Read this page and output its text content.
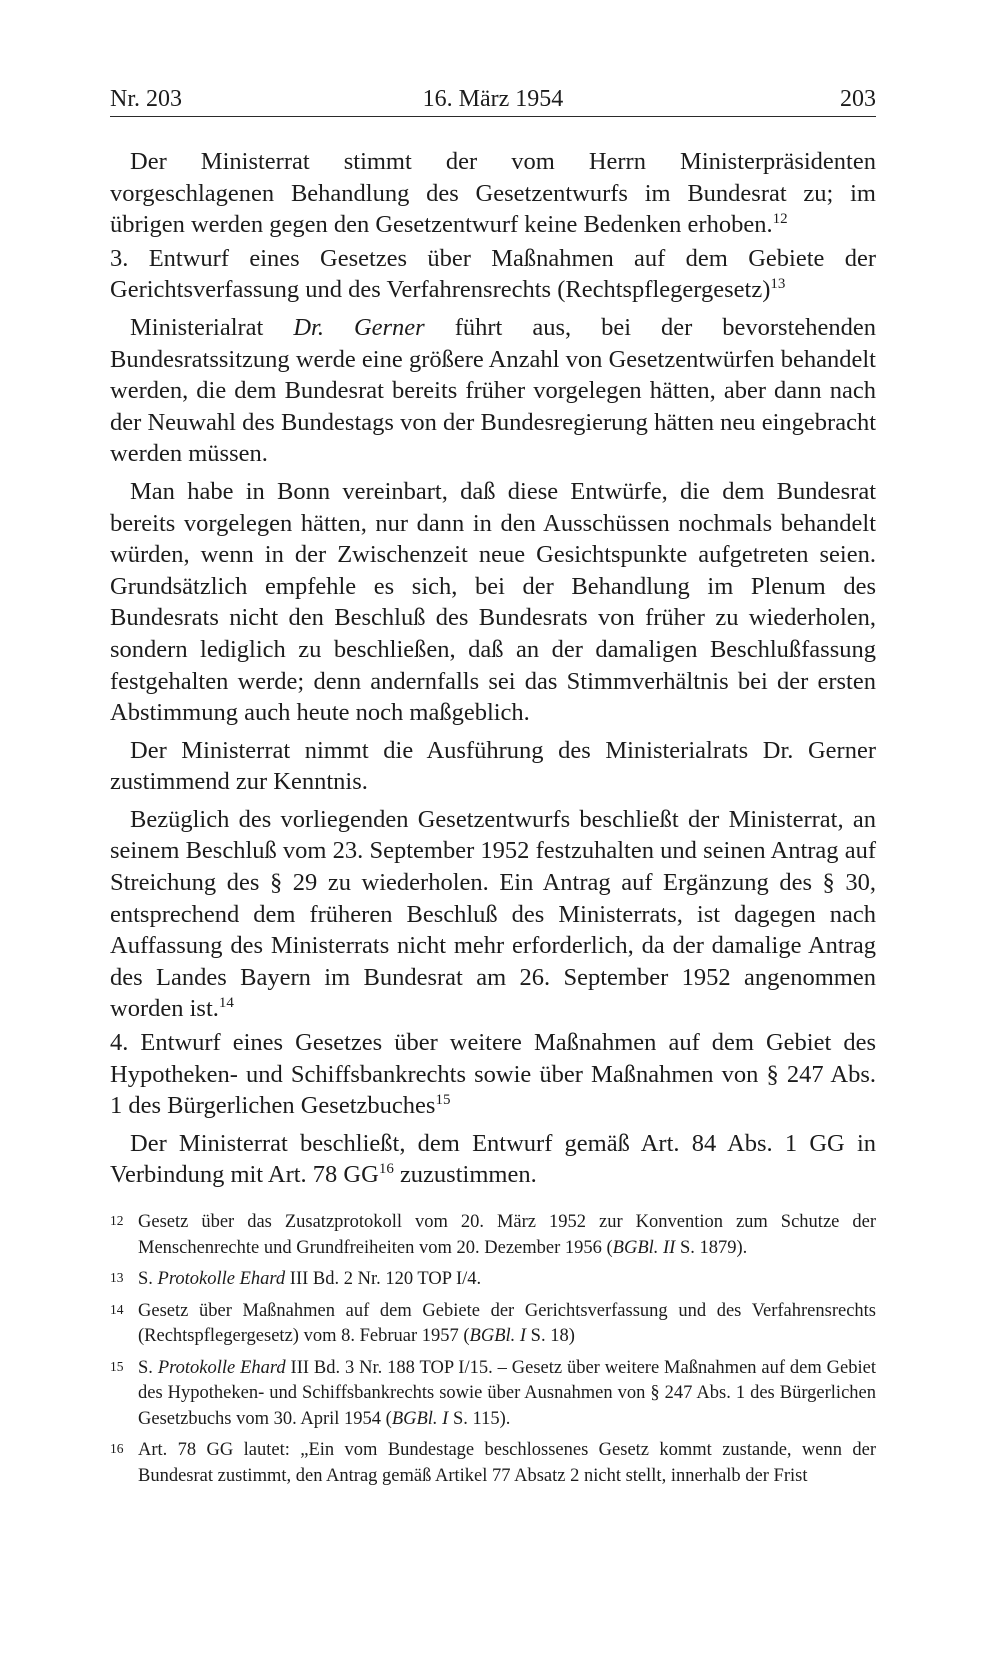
Nr. 203	16. März 1954	203

Der Ministerrat stimmt der vom Herrn Ministerpräsidenten vorgeschlagenen Behandlung des Gesetzentwurfs im Bundesrat zu; im übrigen werden gegen den Gesetzentwurf keine Bedenken erhoben.$^{12}$

3. Entwurf eines Gesetzes über Maßnahmen auf dem Gebiete der Gerichtsverfassung und des Verfahrensrechts (Rechtspflegergesetz)$^{13}$

Ministerialrat Dr. Gerner führt aus, bei der bevorstehenden Bundesratssitzung werde eine größere Anzahl von Gesetzentwürfen behandelt werden, die dem Bundesrat bereits früher vorgelegen hätten, aber dann nach der Neuwahl des Bundestags von der Bundesregierung hätten neu eingebracht werden müssen.

Man habe in Bonn vereinbart, daß diese Entwürfe, die dem Bundesrat bereits vorgelegen hätten, nur dann in den Ausschüssen nochmals behandelt würden, wenn in der Zwischenzeit neue Gesichtspunkte aufgetreten seien. Grundsätzlich empfehle es sich, bei der Behandlung im Plenum des Bundesrats nicht den Beschluß des Bundesrats von früher zu wiederholen, sondern lediglich zu beschließen, daß an der damaligen Beschlußfassung festgehalten werde; denn andernfalls sei das Stimmverhältnis bei der ersten Abstimmung auch heute noch maßgeblich.

Der Ministerrat nimmt die Ausführung des Ministerialrats Dr. Gerner zustimmend zur Kenntnis.

Bezüglich des vorliegenden Gesetzentwurfs beschließt der Ministerrat, an seinem Beschluß vom 23. September 1952 festzuhalten und seinen Antrag auf Streichung des § 29 zu wiederholen. Ein Antrag auf Ergänzung des § 30, entsprechend dem früheren Beschluß des Ministerrats, ist dagegen nach Auffassung des Ministerrats nicht mehr erforderlich, da der damalige Antrag des Landes Bayern im Bundesrat am 26. September 1952 angenommen worden ist.$^{14}$

4. Entwurf eines Gesetzes über weitere Maßnahmen auf dem Gebiet des Hypotheken- und Schiffsbankrechts sowie über Maßnahmen von § 247 Abs. 1 des Bürgerlichen Gesetzbuches$^{15}$

Der Ministerrat beschließt, dem Entwurf gemäß Art. 84 Abs. 1 GG in Verbindung mit Art. 78 GG$^{16}$ zuzustimmen.

12 Gesetz über das Zusatzprotokoll vom 20. März 1952 zur Konvention zum Schutze der Menschenrechte und Grundfreiheiten vom 20. Dezember 1956 (BGBl. II S. 1879).

13 S. Protokolle Ehard III Bd. 2 Nr. 120 TOP I/4.

14 Gesetz über Maßnahmen auf dem Gebiete der Gerichtsverfassung und des Verfahrensrechts (Rechtspflegergesetz) vom 8. Februar 1957 (BGBl. I S. 18)

15 S. Protokolle Ehard III Bd. 3 Nr. 188 TOP I/15. – Gesetz über weitere Maßnahmen auf dem Gebiet des Hypotheken- und Schiffsbankrechts sowie über Ausnahmen von § 247 Abs. 1 des Bürgerlichen Gesetzbuchs vom 30. April 1954 (BGBl. I S. 115).

16 Art. 78 GG lautet: „Ein vom Bundestage beschlossenes Gesetz kommt zustande, wenn der Bundesrat zustimmt, den Antrag gemäß Artikel 77 Absatz 2 nicht stellt, innerhalb der Frist
